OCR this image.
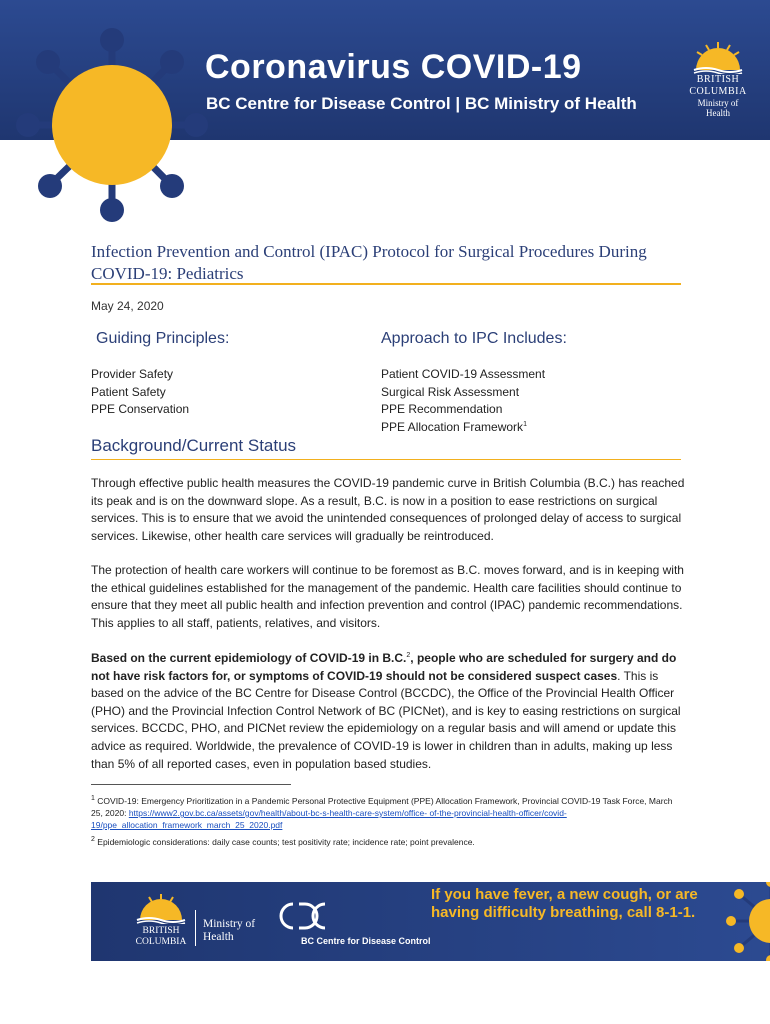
Coronavirus COVID-19
BC Centre for Disease Control | BC Ministry of Health
BRITISH
COLUMBIA
Ministry of
Health
Infection Prevention and Control (IPAC) Protocol for Surgical Procedures During COVID-19: Pediatrics
May 24, 2020
Guiding Principles:	Approach to IPC Includes:
Provider Safety
Patient Safety
PPE Conservation
Patient COVID-19 Assessment
Surgical Risk Assessment
PPE Recommendation
PPE Allocation Framework$^1$
Background/Current Status
Through effective public health measures the COVID-19 pandemic curve in British Columbia (B.C.) has reached its peak and is on the downward slope. As a result, B.C. is now in a position to ease restrictions on surgical services. This is to ensure that we avoid the unintended consequences of prolonged delay of access to surgical services. Likewise, other health care services will gradually be reintroduced.
The protection of health care workers will continue to be foremost as B.C. moves forward, and is in keeping with the ethical guidelines established for the management of the pandemic. Health care facilities should continue to ensure that they meet all public health and infection prevention and control (IPAC) pandemic recommendations. This applies to all staff, patients, relatives, and visitors.
Based on the current epidemiology of COVID-19 in B.C.$^2$, people who are scheduled for surgery and do not have risk factors for, or symptoms of COVID-19 should not be considered suspect cases. This is based on the advice of the BC Centre for Disease Control (BCCDC), the Office of the Provincial Health Officer (PHO) and the Provincial Infection Control Network of BC (PICNet), and is key to easing restrictions on surgical services. BCCDC, PHO, and PICNet review the epidemiology on a regular basis and will amend or update this advice as required. Worldwide, the prevalence of COVID-19 is lower in children than in adults, making up less than 5% of all reported cases, even in population based studies.
$^1$ COVID-19: Emergency Prioritization in a Pandemic Personal Protective Equipment (PPE) Allocation Framework, Provincial COVID-19 Task Force, March 25, 2020: https://www2.gov.bc.ca/assets/gov/health/about-bc-s-health-care-system/office- of-the-provincial-health-officer/covid-19/ppe_allocation_framework_march_25_2020.pdf
$^2$ Epidemiologic considerations: daily case counts; test positivity rate; incidence rate; point prevalence.
BRITISH
COLUMBIA
Ministry of
Health	BC Centre for Disease Control
If you have fever, a new cough, or are
having difficulty breathing, call 8-1-1.
